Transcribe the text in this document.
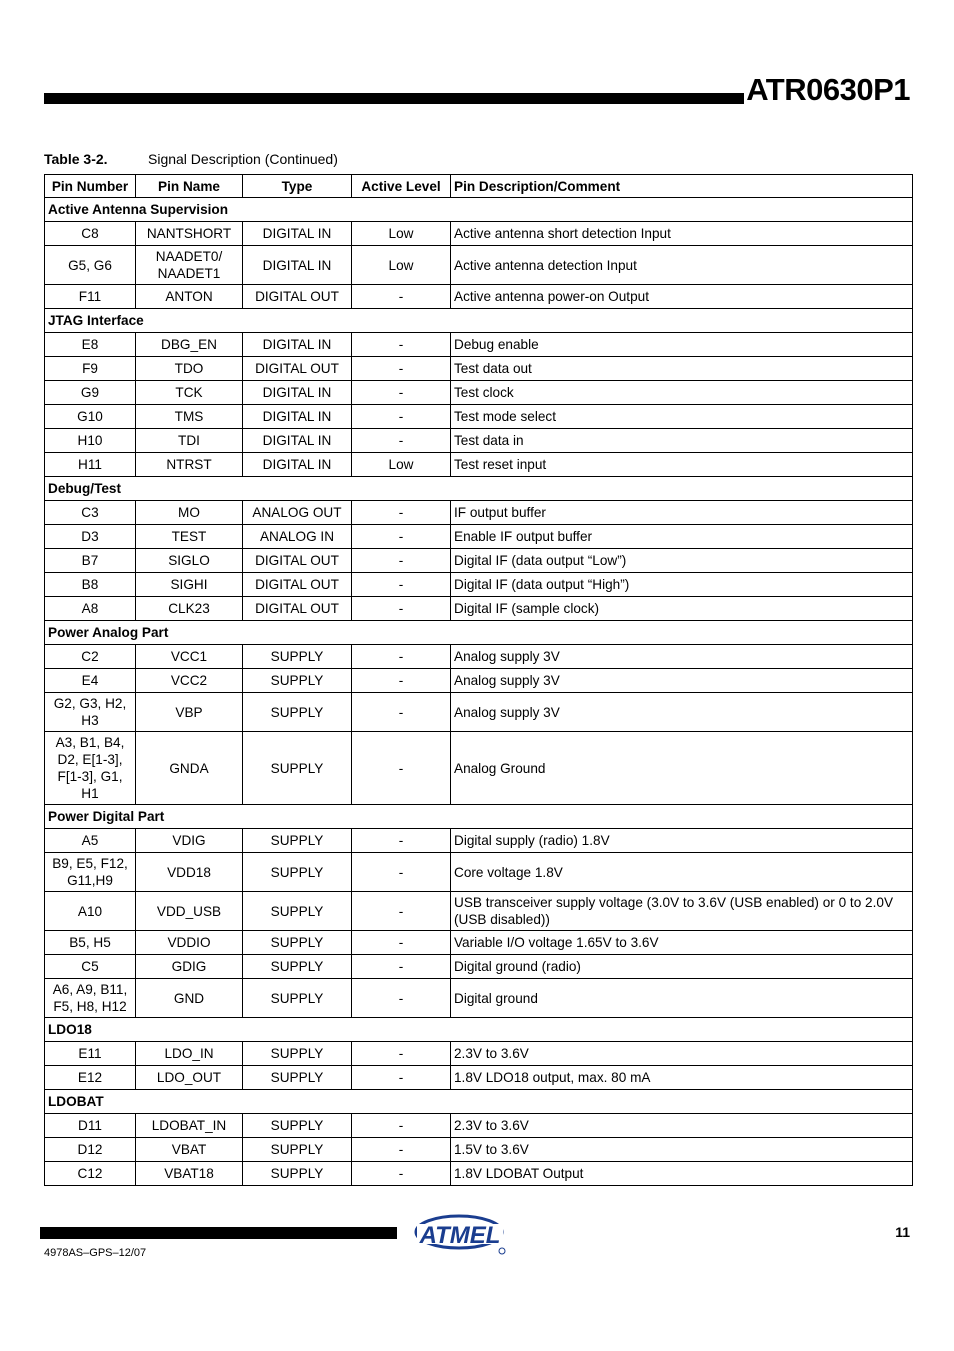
ATR0630P1
Table 3-2.	Signal Description (Continued)
Pin Number	Pin Name	Type	Active Level	Pin Description/Comment
Active Antenna Supervision				
C8	NANTSHORT	DIGITAL IN	Low	Active antenna short detection Input
G5, G6	NAADET0/ NAADET1	DIGITAL IN	Low	Active antenna detection Input
F11	ANTON	DIGITAL OUT	-	Active antenna power-on Output
JTAG Interface				
E8	DBG_EN	DIGITAL IN	-	Debug enable
F9	TDO	DIGITAL OUT	-	Test data out
G9	TCK	DIGITAL IN	-	Test clock
G10	TMS	DIGITAL IN	-	Test mode select
H10	TDI	DIGITAL IN	-	Test data in
H11	NTRST	DIGITAL IN	Low	Test reset input
Debug/Test				
C3	MO	ANALOG OUT	-	IF output buffer
D3	TEST	ANALOG IN	-	Enable IF output buffer
B7	SIGLO	DIGITAL OUT	-	Digital IF (data output “Low”)
B8	SIGHI	DIGITAL OUT	-	Digital IF (data output “High”)
A8	CLK23	DIGITAL OUT	-	Digital IF (sample clock)
Power Analog Part				
C2	VCC1	SUPPLY	-	Analog supply 3V
E4	VCC2	SUPPLY	-	Analog supply 3V
G2, G3, H2, H3	VBP	SUPPLY	-	Analog supply 3V
A3, B1, B4, D2, E[1-3], F[1-3], G1, H1	GNDA	SUPPLY	-	Analog Ground
Power Digital Part				
A5	VDIG	SUPPLY	-	Digital supply (radio) 1.8V
B9, E5, F12, G11,H9	VDD18	SUPPLY	-	Core voltage 1.8V
A10	VDD_USB	SUPPLY	-	USB transceiver supply voltage (3.0V to 3.6V (USB enabled) or 0 to 2.0V (USB disabled))
B5, H5	VDDIO	SUPPLY	-	Variable I/O voltage 1.65V to 3.6V
C5	GDIG	SUPPLY	-	Digital ground (radio)
A6, A9, B11, F5, H8, H12	GND	SUPPLY	-	Digital ground
LDO18				
E11	LDO_IN	SUPPLY	-	2.3V to 3.6V
E12	LDO_OUT	SUPPLY	-	1.8V LDO18 output, max. 80 mA
LDOBAT				
D11	LDOBAT_IN	SUPPLY	-	2.3V to 3.6V
D12	VBAT	SUPPLY	-	1.5V to 3.6V
C12	VBAT18	SUPPLY	-	1.8V LDOBAT Output
ATMEL	11
4978AS–GPS–12/07
